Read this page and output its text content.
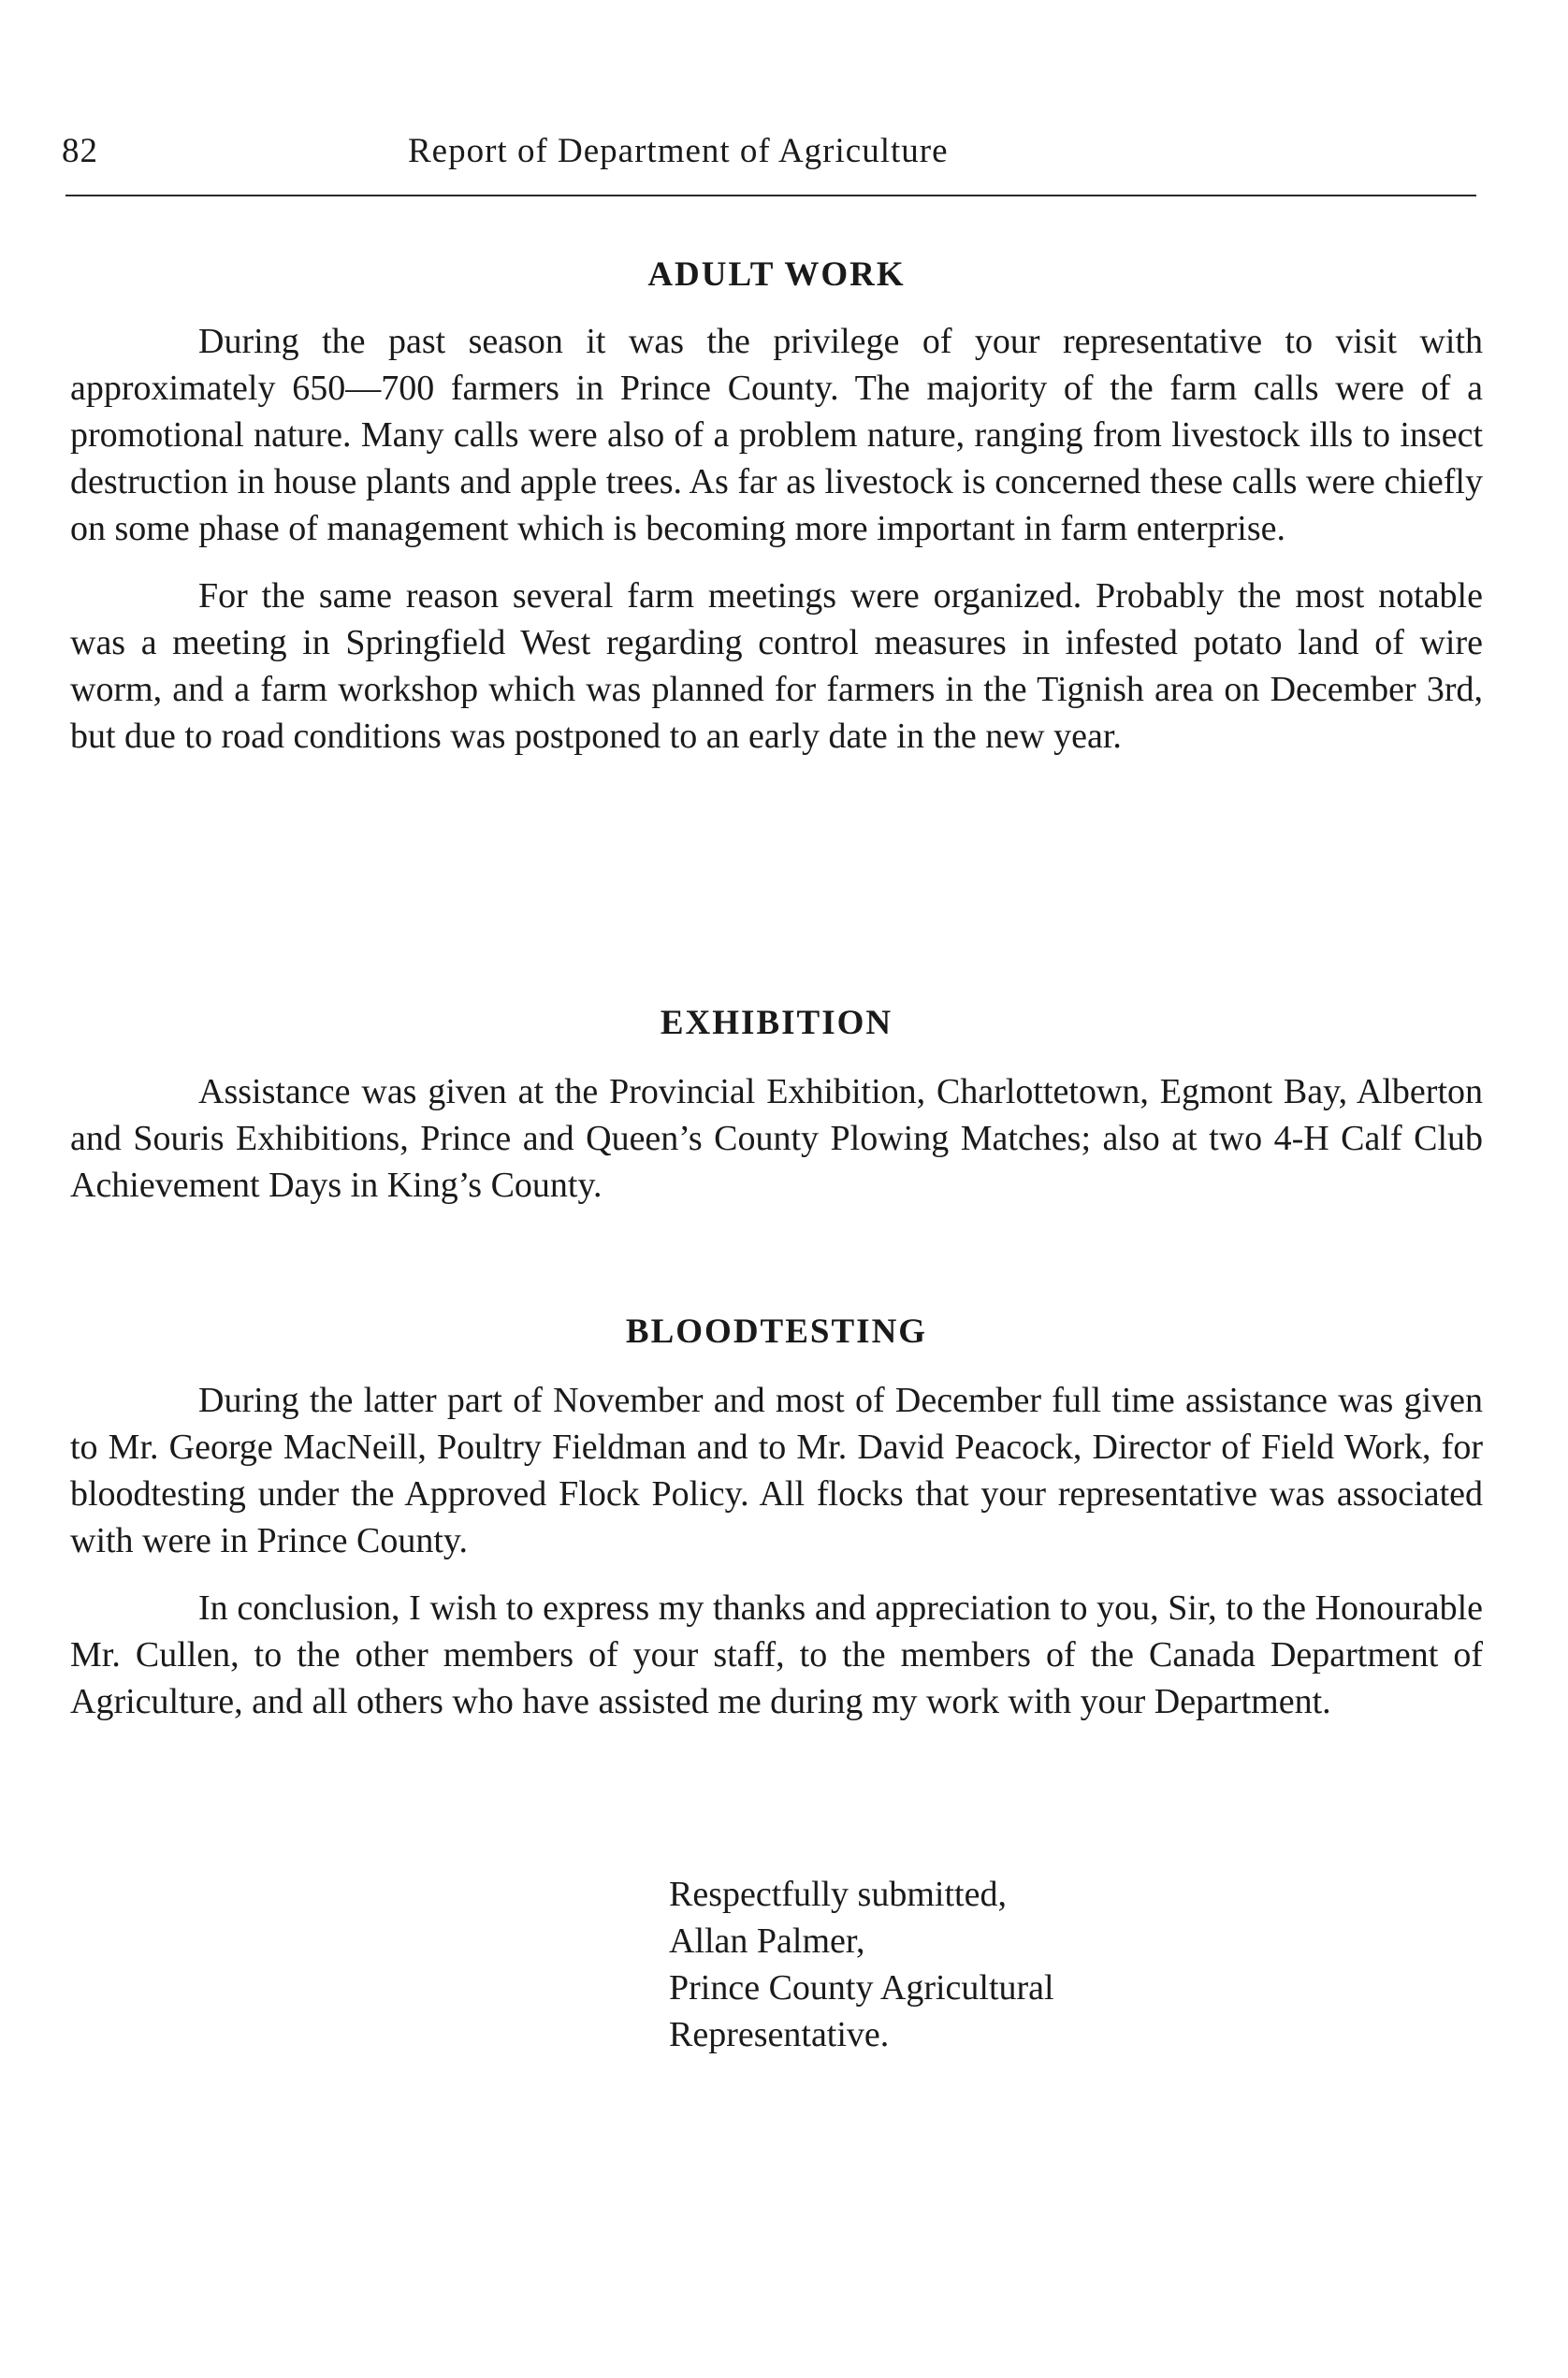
82	Report of Department of Agriculture
ADULT WORK

During the past season it was the privilege of your representative to visit with approximately 650—700 farmers in Prince County. The majority of the farm calls were of a promotional nature. Many calls were also of a problem nature, ranging from livestock ills to insect destruction in house plants and apple trees. As far as livestock is concerned these calls were chiefly on some phase of management which is becoming more important in farm enterprise.

For the same reason several farm meetings were organized. Probably the most notable was a meeting in Springfield West regarding control measures in infested potato land of wire worm, and a farm workshop which was planned for farmers in the Tignish area on December 3rd, but due to road conditions was postponed to an early date in the new year.

EXHIBITION

Assistance was given at the Provincial Exhibition, Charlottetown, Egmont Bay, Alberton and Souris Exhibitions, Prince and Queen’s County Plowing Matches; also at two 4-H Calf Club Achievement Days in King’s County.

BLOODTESTING

During the latter part of November and most of December full time assistance was given to Mr. George MacNeill, Poultry Fieldman and to Mr. David Peacock, Director of Field Work, for bloodtesting under the Approved Flock Policy. All flocks that your representative was associated with were in Prince County.

In conclusion, I wish to express my thanks and appreciation to you, Sir, to the Honourable Mr. Cullen, to the other members of your staff, to the members of the Canada Department of Agriculture, and all others who have assisted me during my work with your Department.

Respectfully submitted,
Allan Palmer,
Prince County Agricultural
Representative.
